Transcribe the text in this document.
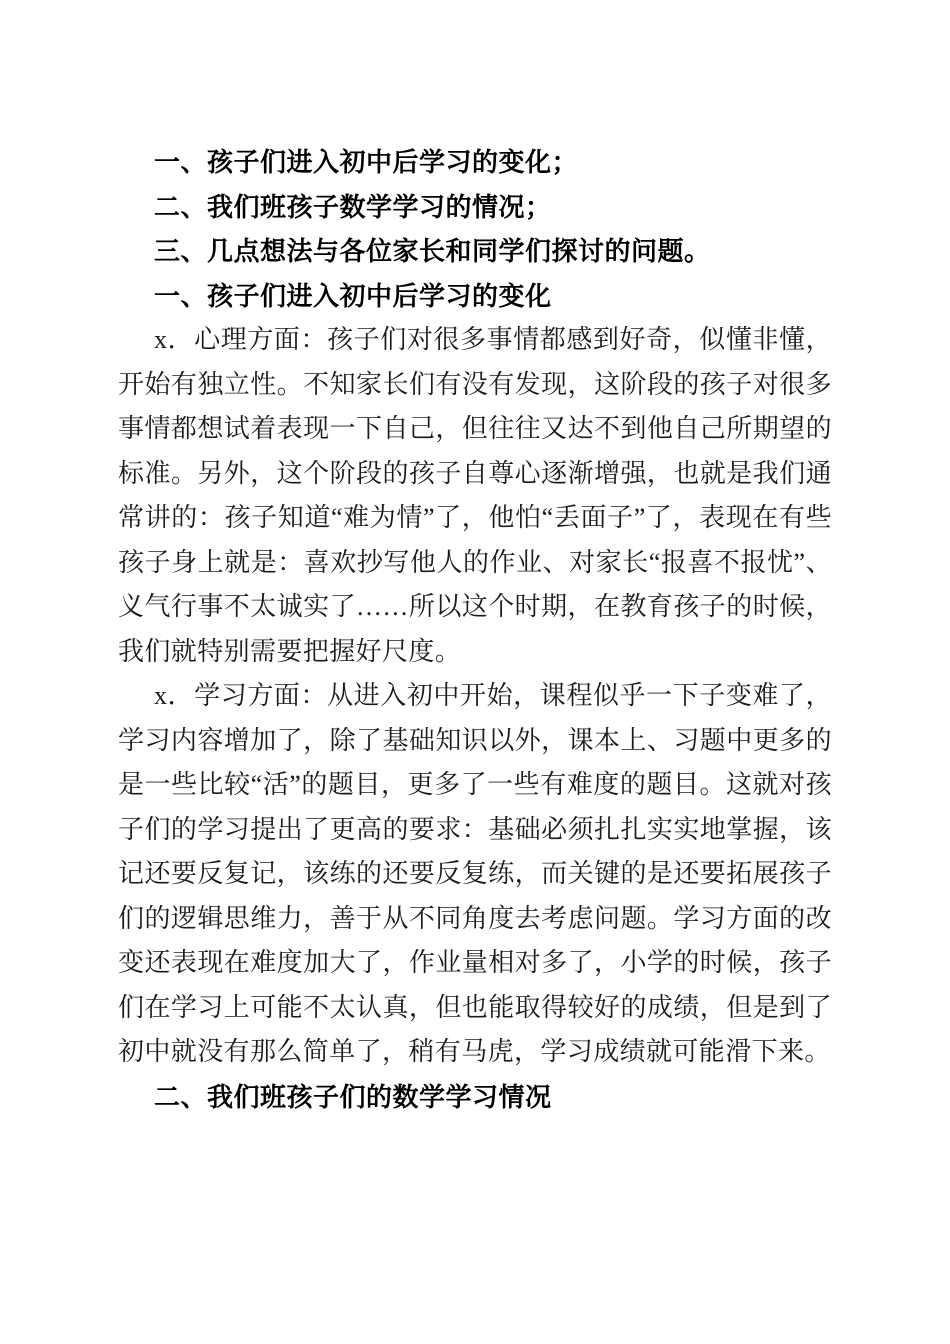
一、孩子们进入初中后学习的变化；

二、我们班孩子数学学习的情况；

三、几点想法与各位家长和同学们探讨的问题。

一、孩子们进入初中后学习的变化

x．心理方面：孩子们对很多事情都感到好奇，似懂非懂，开始有独立性。不知家长们有没有发现，这阶段的孩子对很多事情都想试着表现一下自己，但往往又达不到他自己所期望的标准。另外，这个阶段的孩子自尊心逐渐增强，也就是我们通常讲的：孩子知道“难为情”了，他怕“丢面子”了，表现在有些孩子身上就是：喜欢抄写他人的作业、对家长“报喜不报忧”、义气行事不太诚实了……所以这个时期，在教育孩子的时候，我们就特别需要把握好尺度。

x．学习方面：从进入初中开始，课程似乎一下子变难了，学习内容增加了，除了基础知识以外，课本上、习题中更多的是一些比较“活”的题目，更多了一些有难度的题目。这就对孩子们的学习提出了更高的要求：基础必须扎扎实实地掌握，该记还要反复记，该练的还要反复练，而关键的是还要拓展孩子们的逻辑思维力，善于从不同角度去考虑问题。学习方面的改变还表现在难度加大了，作业量相对多了，小学的时候，孩子们在学习上可能不太认真，但也能取得较好的成绩，但是到了初中就没有那么简单了，稍有马虎，学习成绩就可能滑下来。

二、我们班孩子们的数学学习情况
